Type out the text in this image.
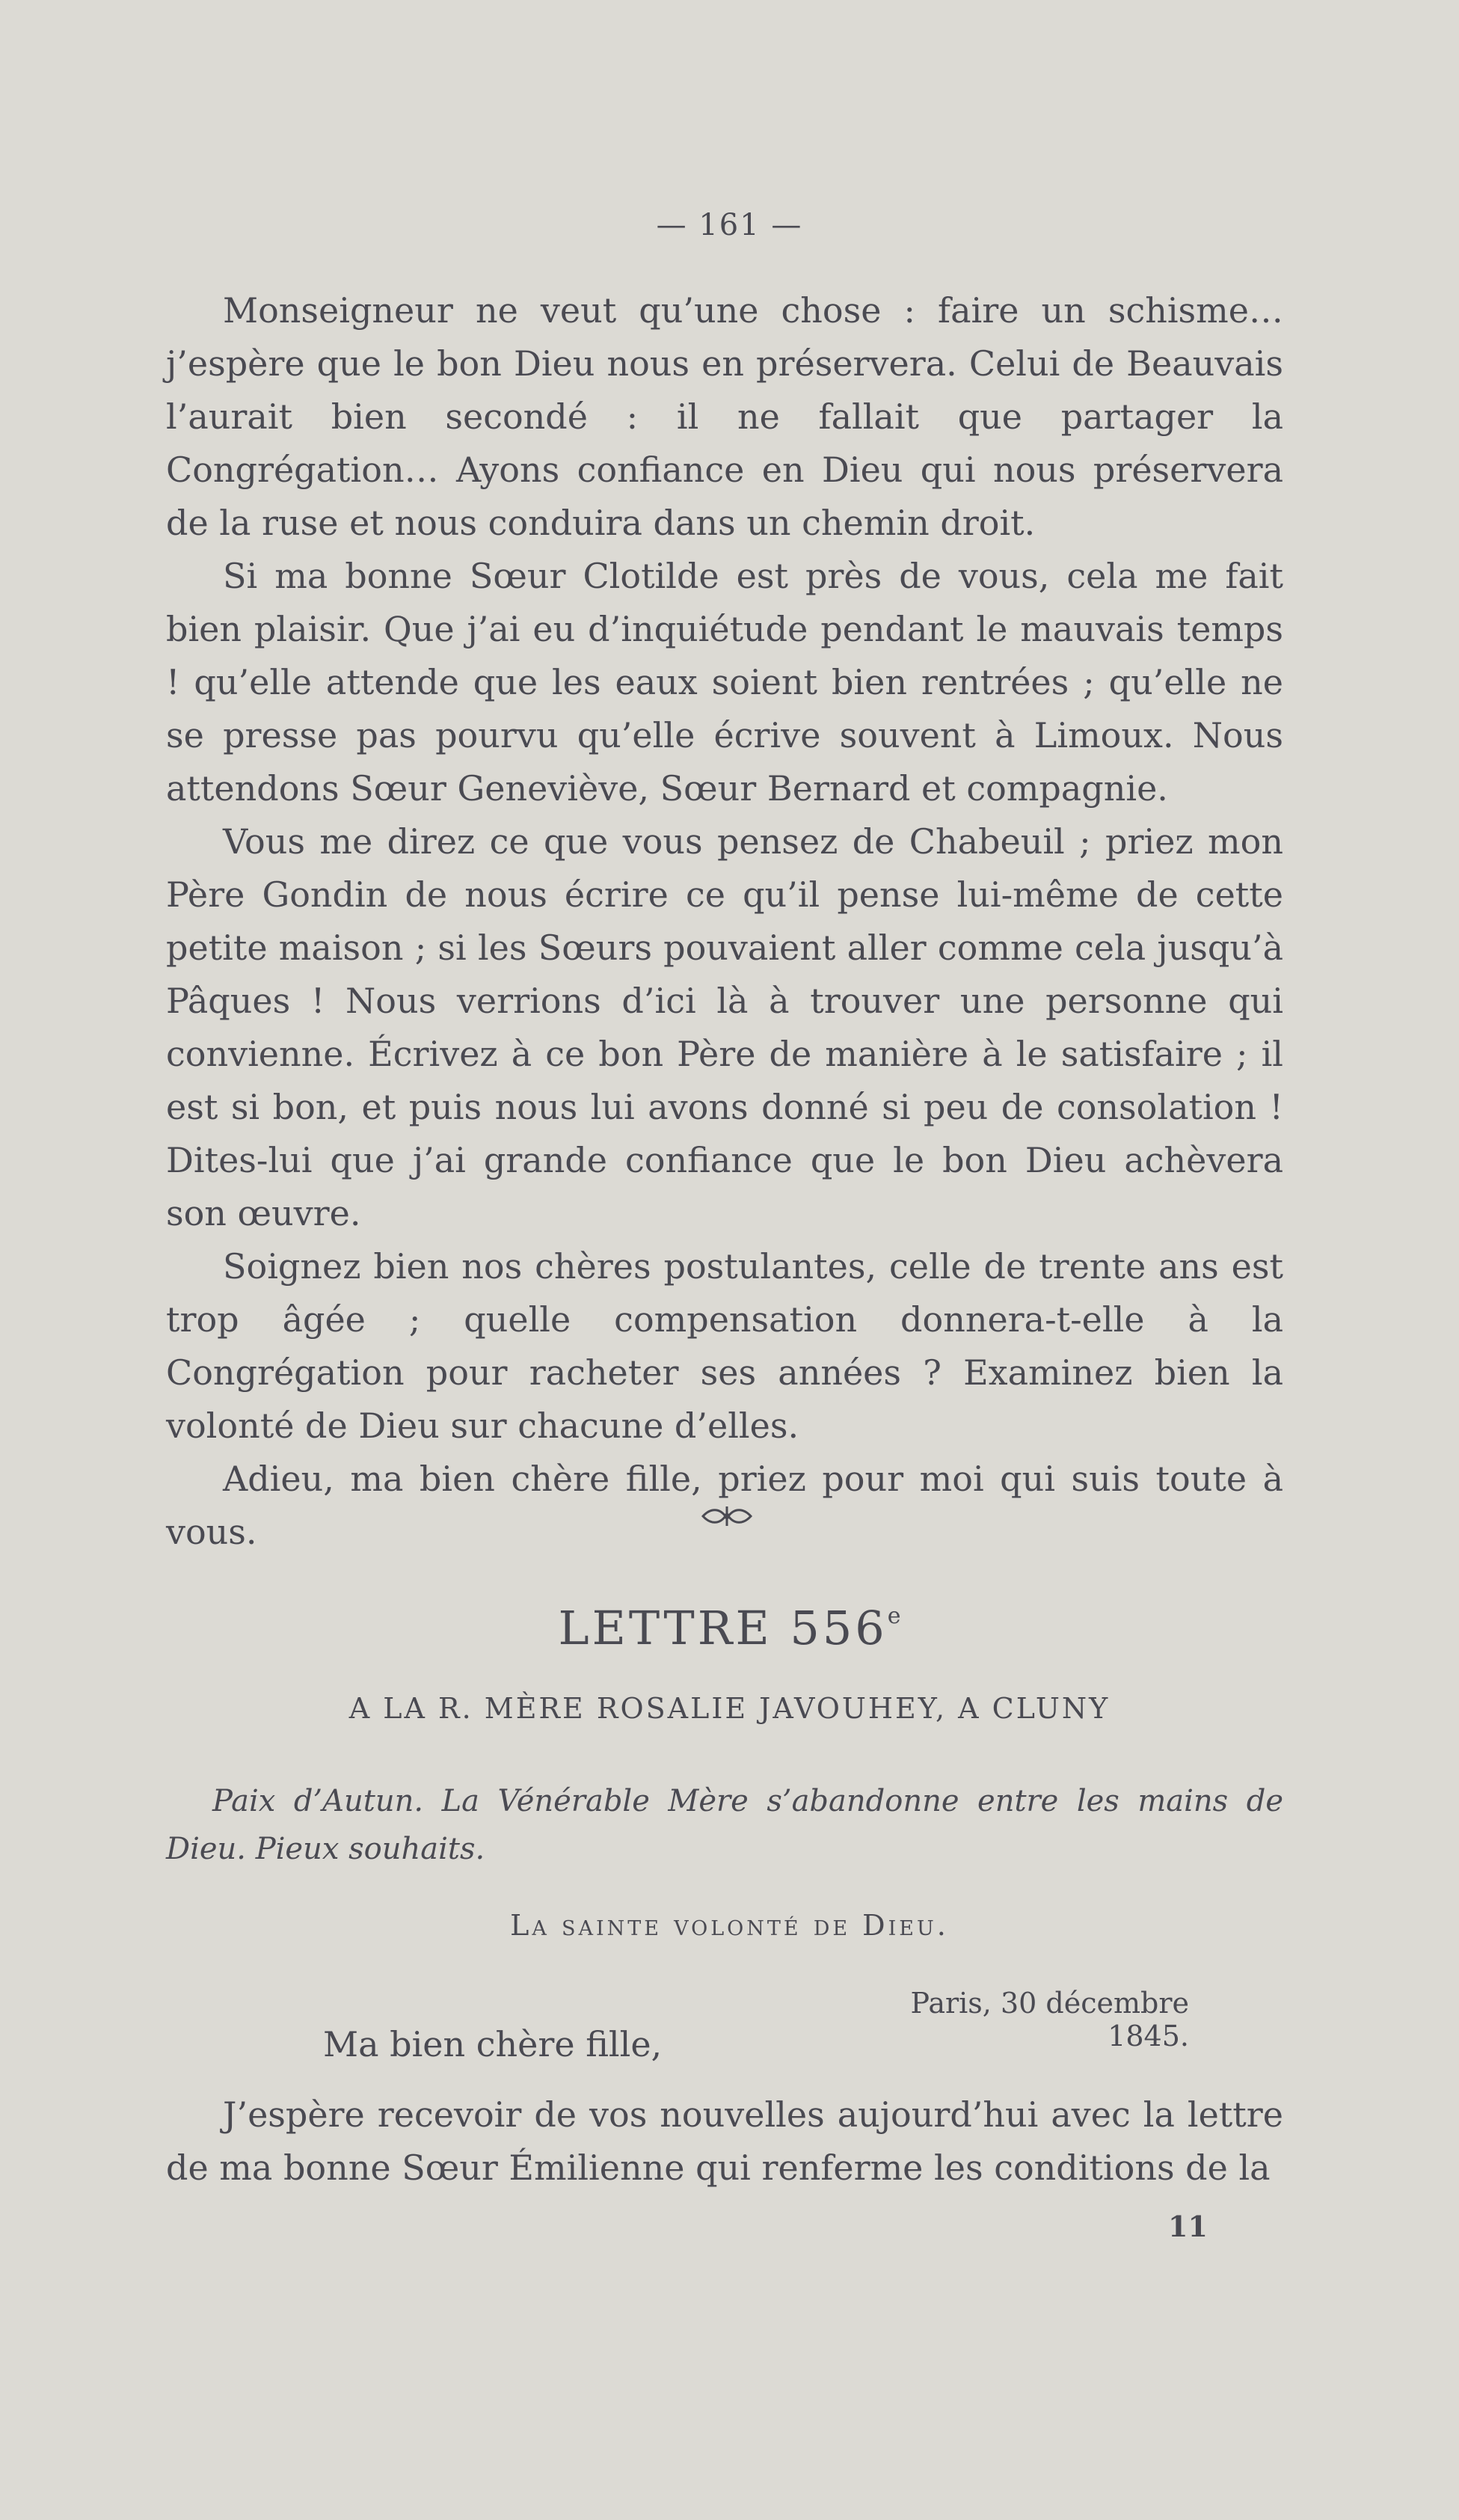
— 161 —

Monseigneur ne veut qu’une chose : faire un schisme… j’espère que le bon Dieu nous en préservera. Celui de Beauvais l’aurait bien secondé : il ne fallait que partager la Congrégation… Ayons confiance en Dieu qui nous préservera de la ruse et nous conduira dans un chemin droit.

Si ma bonne Sœur Clotilde est près de vous, cela me fait bien plaisir. Que j’ai eu d’inquiétude pendant le mauvais temps ! qu’elle attende que les eaux soient bien rentrées ; qu’elle ne se presse pas pourvu qu’elle écrive souvent à Limoux. Nous attendons Sœur Geneviève, Sœur Bernard et compagnie.

Vous me direz ce que vous pensez de Chabeuil ; priez mon Père Gondin de nous écrire ce qu’il pense lui-même de cette petite maison ; si les Sœurs pouvaient aller comme cela jusqu’à Pâques ! Nous verrions d’ici là à trouver une personne qui convienne. Écrivez à ce bon Père de manière à le satisfaire ; il est si bon, et puis nous lui avons donné si peu de consolation ! Dites-lui que j’ai grande confiance que le bon Dieu achèvera son œuvre.

Soignez bien nos chères postulantes, celle de trente ans est trop âgée ; quelle compensation donnera-t-elle à la Congrégation pour racheter ses années ? Examinez bien la volonté de Dieu sur chacune d’elles.

Adieu, ma bien chère fille, priez pour moi qui suis toute à vous.

LETTRE 556e
A LA R. MÈRE ROSALIE JAVOUHEY, A CLUNY

Paix d’Autun. La Vénérable Mère s’abandonne entre les mains de Dieu. Pieux souhaits.

La sainte volonté de Dieu.
Paris, 30 décembre 1845.
Ma bien chère fille,

J’espère recevoir de vos nouvelles aujourd’hui avec la lettre de ma bonne Sœur Émilienne qui renferme les conditions de la

11
